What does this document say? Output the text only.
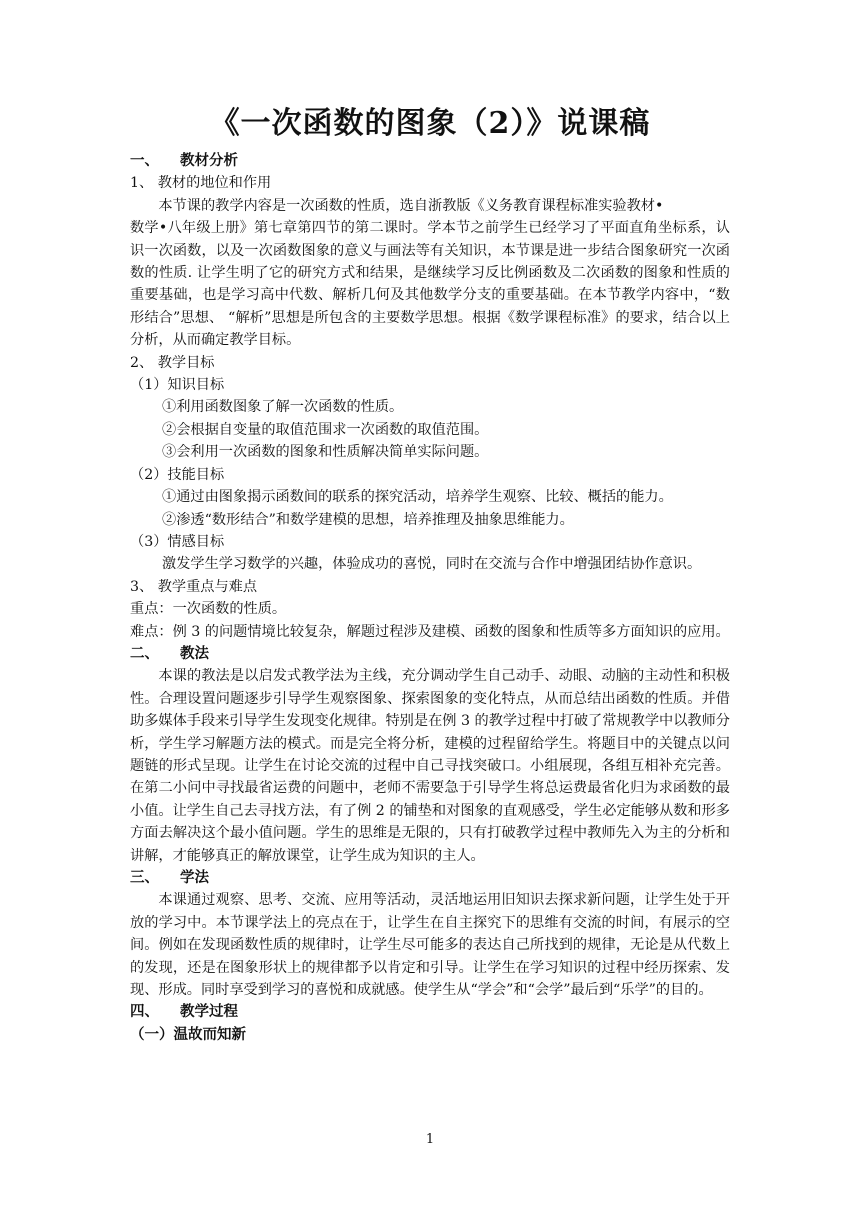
《一次函数的图象（2）》说课稿
一、 教材分析
1、 教材的地位和作用

本节课的教学内容是一次函数的性质，选自浙教版《义务教育课程标准实验教材•

数学•八年级上册》第七章第四节的第二课时。学本节之前学生已经学习了平面直角坐标系，认识一次函数，以及一次函数图象的意义与画法等有关知识，本节课是进一步结合图象研究一次函数的性质. 让学生明了它的研究方式和结果，是继续学习反比例函数及二次函数的图象和性质的重要基础，也是学习高中代数、解析几何及其他数学分支的重要基础。在本节教学内容中，“数形结合”思想、 “解析”思想是所包含的主要数学思想。根据《数学课程标准》的要求，结合以上分析，从而确定教学目标。

2、 教学目标
（1）知识目标
①利用函数图象了解一次函数的性质。
②会根据自变量的取值范围求一次函数的取值范围。
③会利用一次函数的图象和性质解决简单实际问题。
（2）技能目标
①通过由图象揭示函数间的联系的探究活动，培养学生观察、比较、概括的能力。
②渗透“数形结合”和数学建模的思想，培养推理及抽象思维能力。
（3）情感目标
激发学生学习数学的兴趣，体验成功的喜悦，同时在交流与合作中增强团结协作意识。
3、 教学重点与难点
重点：一次函数的性质。
难点：例 3 的问题情境比较复杂，解题过程涉及建模、函数的图象和性质等多方面知识的应用。
二、 教法

本课的教法是以启发式教学法为主线，充分调动学生自己动手、动眼、动脑的主动性和积极性。合理设置问题逐步引导学生观察图象、探索图象的变化特点，从而总结出函数的性质。并借助多媒体手段来引导学生发现变化规律。特别是在例 3 的教学过程中打破了常规教学中以教师分析，学生学习解题方法的模式。而是完全将分析，建模的过程留给学生。将题目中的关键点以问题链的形式呈现。让学生在讨论交流的过程中自己寻找突破口。小组展现，各组互相补充完善。在第二小问中寻找最省运费的问题中，老师不需要急于引导学生将总运费最省化归为求函数的最小值。让学生自己去寻找方法，有了例 2 的铺垫和对图象的直观感受，学生必定能够从数和形多方面去解决这个最小值问题。学生的思维是无限的，只有打破教学过程中教师先入为主的分析和讲解，才能够真正的解放课堂，让学生成为知识的主人。

三、 学法

本课通过观察、思考、交流、应用等活动，灵活地运用旧知识去探求新问题，让学生处于开放的学习中。本节课学法上的亮点在于，让学生在自主探究下的思维有交流的时间，有展示的空间。例如在发现函数性质的规律时，让学生尽可能多的表达自己所找到的规律，无论是从代数上的发现，还是在图象形状上的规律都予以肯定和引导。让学生在学习知识的过程中经历探索、发现、形成。同时享受到学习的喜悦和成就感。使学生从“学会”和“会学”最后到“乐学”的目的。

四、 教学过程
（一）温故而知新
1
